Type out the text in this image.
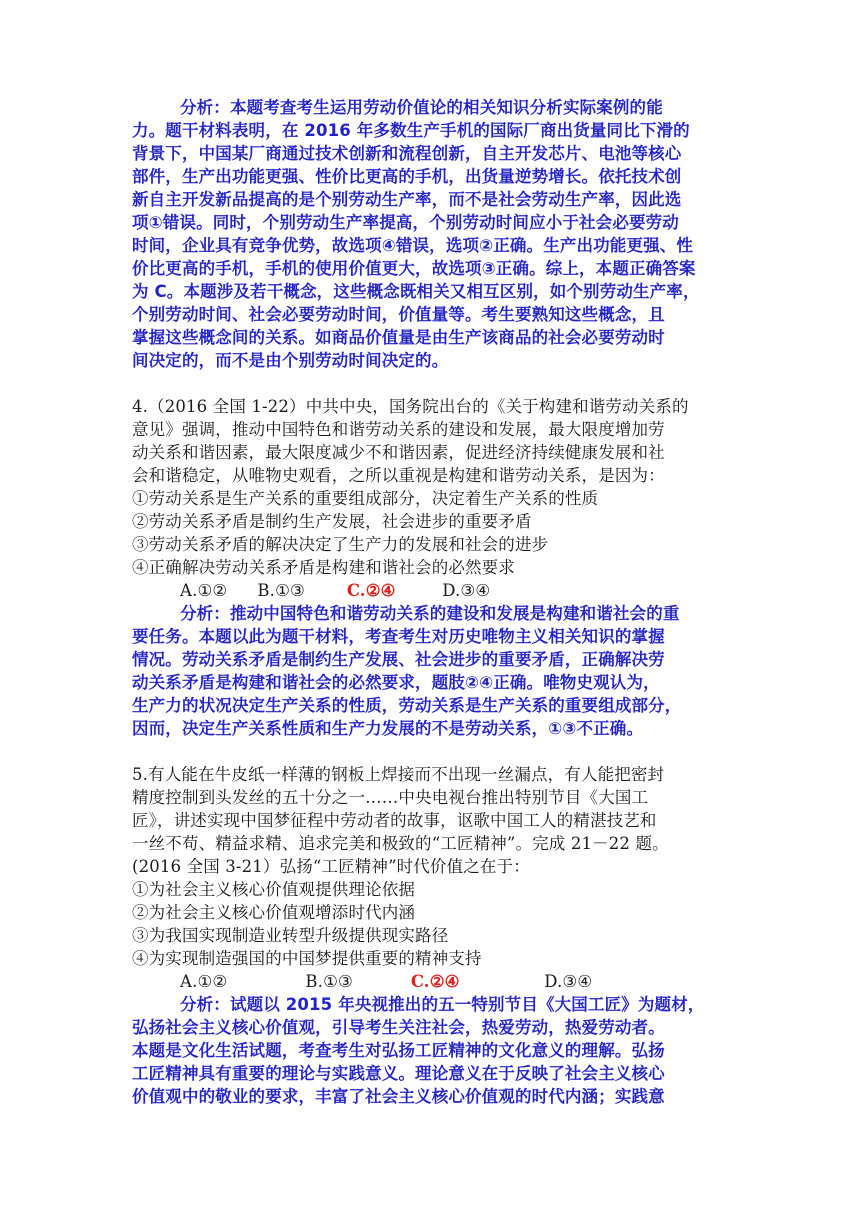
分析：本题考查考生运用劳动价值论的相关知识分析实际案例的能
力。题干材料表明，在 2016 年多数生产手机的国际厂商出货量同比下滑的
背景下，中国某厂商通过技术创新和流程创新，自主开发芯片、电池等核心
部件，生产出功能更强、性价比更高的手机，出货量逆势增长。依托技术创
新自主开发新品提高的是个别劳动生产率，而不是社会劳动生产率，因此选
项①错误。同时，个别劳动生产率提高，个别劳动时间应小于社会必要劳动
时间，企业具有竞争优势，故选项④错误，选项②正确。生产出功能更强、性
价比更高的手机，手机的使用价值更大，故选项③正确。综上，本题正确答案
为 C。本题涉及若干概念，这些概念既相关又相互区别，如个别劳动生产率，
个别劳动时间、社会必要劳动时间，价值量等。考生要熟知这些概念，且
掌握这些概念间的关系。如商品价值量是由生产该商品的社会必要劳动时
间决定的，而不是由个别劳动时间决定的。
4.（2016 全国 1-22）中共中央，国务院出台的《关于构建和谐劳动关系的
意见》强调，推动中国特色和谐劳动关系的建设和发展，最大限度增加劳
动关系和谐因素，最大限度减少不和谐因素，促进经济持续健康发展和社
会和谐稳定，从唯物史观看，之所以重视是构建和谐劳动关系，是因为：
①劳动关系是生产关系的重要组成部分，决定着生产关系的性质
②劳动关系矛盾是制约生产发展，社会进步的重要矛盾
③劳动关系矛盾的解决决定了生产力的发展和社会的进步
④正确解决劳动关系矛盾是构建和谐社会的必然要求
A.①② B.①③	C.②④	D.③④
分析：推动中国特色和谐劳动关系的建设和发展是构建和谐社会的重
要任务。本题以此为题干材料，考查考生对历史唯物主义相关知识的掌握
情况。劳动关系矛盾是制约生产发展、社会进步的重要矛盾，正确解决劳
动关系矛盾是构建和谐社会的必然要求，题肢②④正确。唯物史观认为，
生产力的状况决定生产关系的性质，劳动关系是生产关系的重要组成部分，
因而，决定生产关系性质和生产力发展的不是劳动关系，①③不正确。
5.有人能在牛皮纸一样薄的钢板上焊接而不出现一丝漏点，有人能把密封
精度控制到头发丝的五十分之一……中央电视台推出特别节目《大国工
匠》，讲述实现中国梦征程中劳动者的故事，讴歌中国工人的精湛技艺和
一丝不苟、精益求精、追求完美和极致的“工匠精神”。完成 21－22 题。
(2016 全国 3-21）弘扬“工匠精神”时代价值之在于：
①为社会主义核心价值观提供理论依据
②为社会主义核心价值观增添时代内涵
③为我国实现制造业转型升级提供现实路径
④为实现制造强国的中国梦提供重要的精神支持
A.①②	B.①③	C.②④	D.③④
分析：试题以 2015 年央视推出的五一特别节目《大国工匠》为题材，
弘扬社会主义核心价值观，引导考生关注社会，热爱劳动，热爱劳动者。
本题是文化生活试题，考查考生对弘扬工匠精神的文化意义的理解。弘扬
工匠精神具有重要的理论与实践意义。理论意义在于反映了社会主义核心
价值观中的敬业的要求，丰富了社会主义核心价值观的时代内涵；实践意
